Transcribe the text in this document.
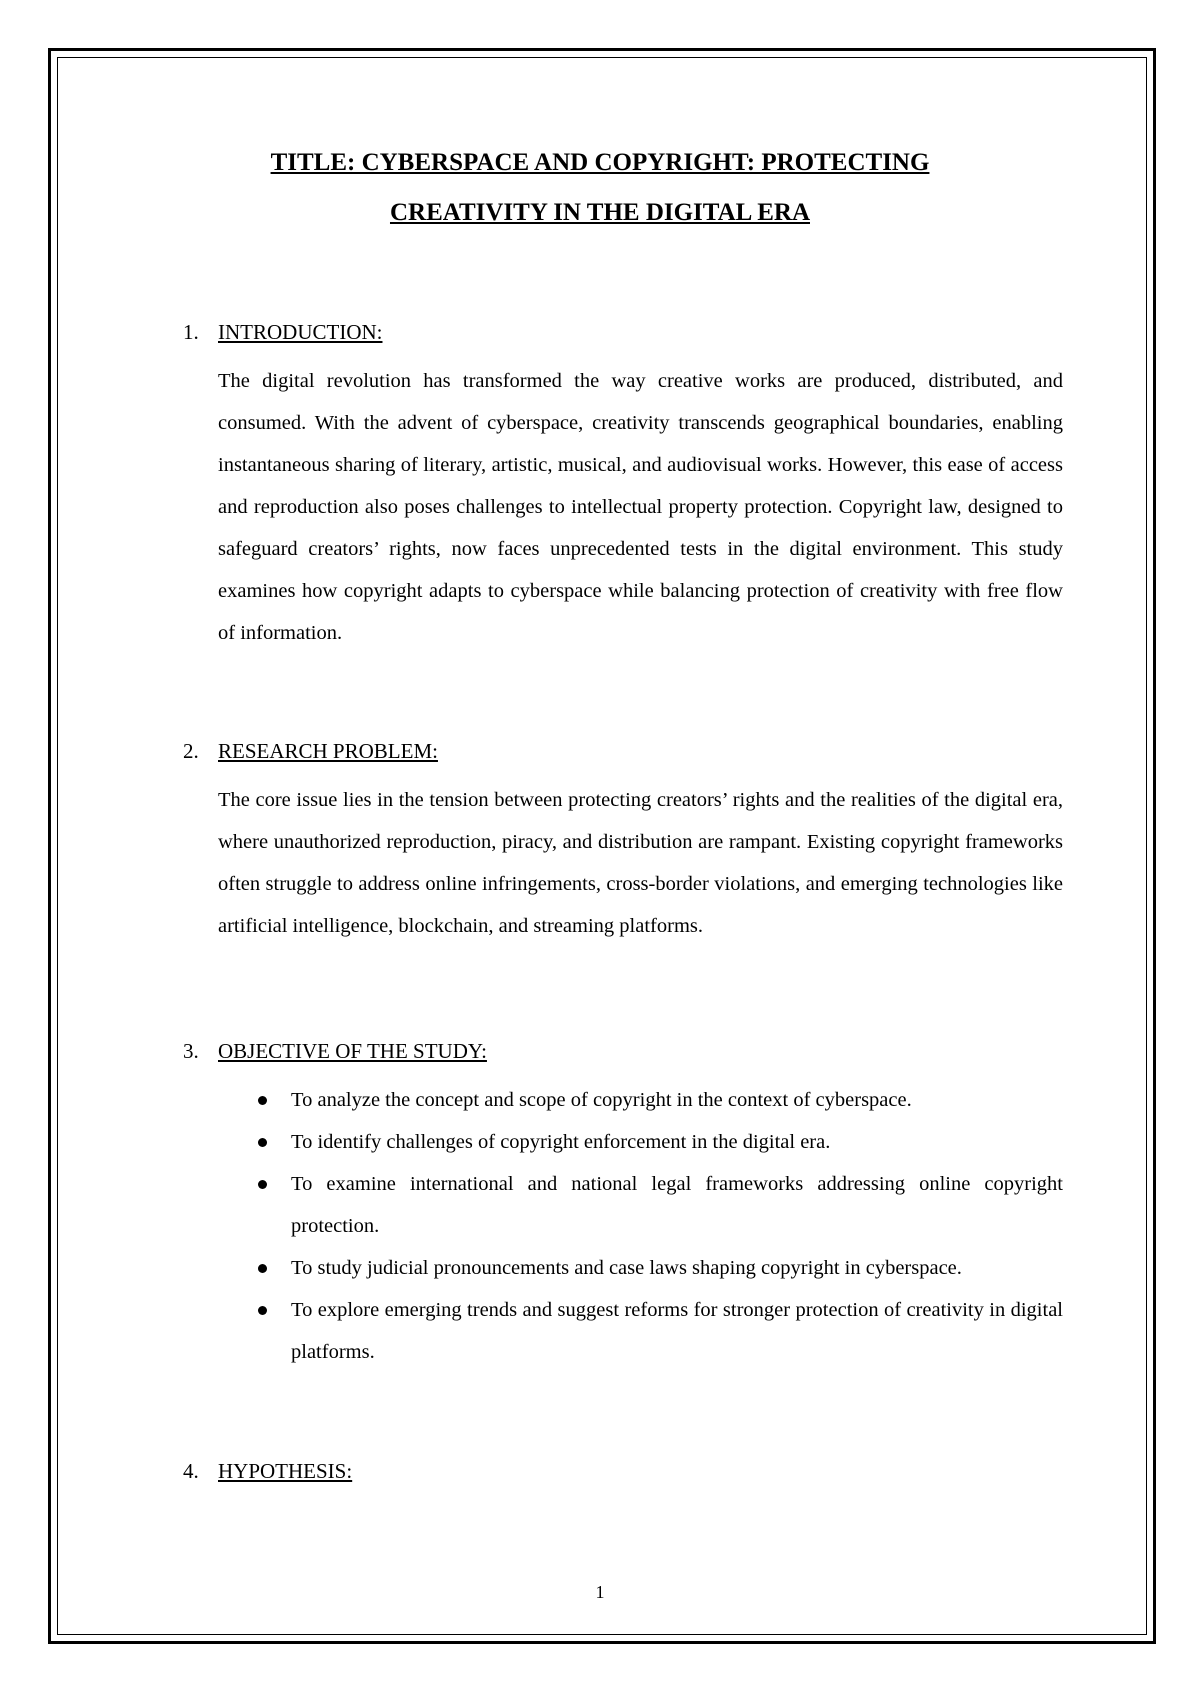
TITLE: CYBERSPACE AND COPYRIGHT: PROTECTING
CREATIVITY IN THE DIGITAL ERA
1. INTRODUCTION:

The digital revolution has transformed the way creative works are produced, distributed, and consumed. With the advent of cyberspace, creativity transcends geographical boundaries, enabling instantaneous sharing of literary, artistic, musical, and audiovisual works. However, this ease of access and reproduction also poses challenges to intellectual property protection. Copyright law, designed to safeguard creators’ rights, now faces unprecedented tests in the digital environment. This study examines how copyright adapts to cyberspace while balancing protection of creativity with free flow of information.

2. RESEARCH PROBLEM:

The core issue lies in the tension between protecting creators’ rights and the realities of the digital era, where unauthorized reproduction, piracy, and distribution are rampant. Existing copyright frameworks often struggle to address online infringements, cross-border violations, and emerging technologies like artificial intelligence, blockchain, and streaming platforms.

3. OBJECTIVE OF THE STUDY:
To analyze the concept and scope of copyright in the context of cyberspace.
To identify challenges of copyright enforcement in the digital era.
To examine international and national legal frameworks addressing online copyright protection.
To study judicial pronouncements and case laws shaping copyright in cyberspace.
To explore emerging trends and suggest reforms for stronger protection of creativity in digital platforms.
4. HYPOTHESIS:
1
